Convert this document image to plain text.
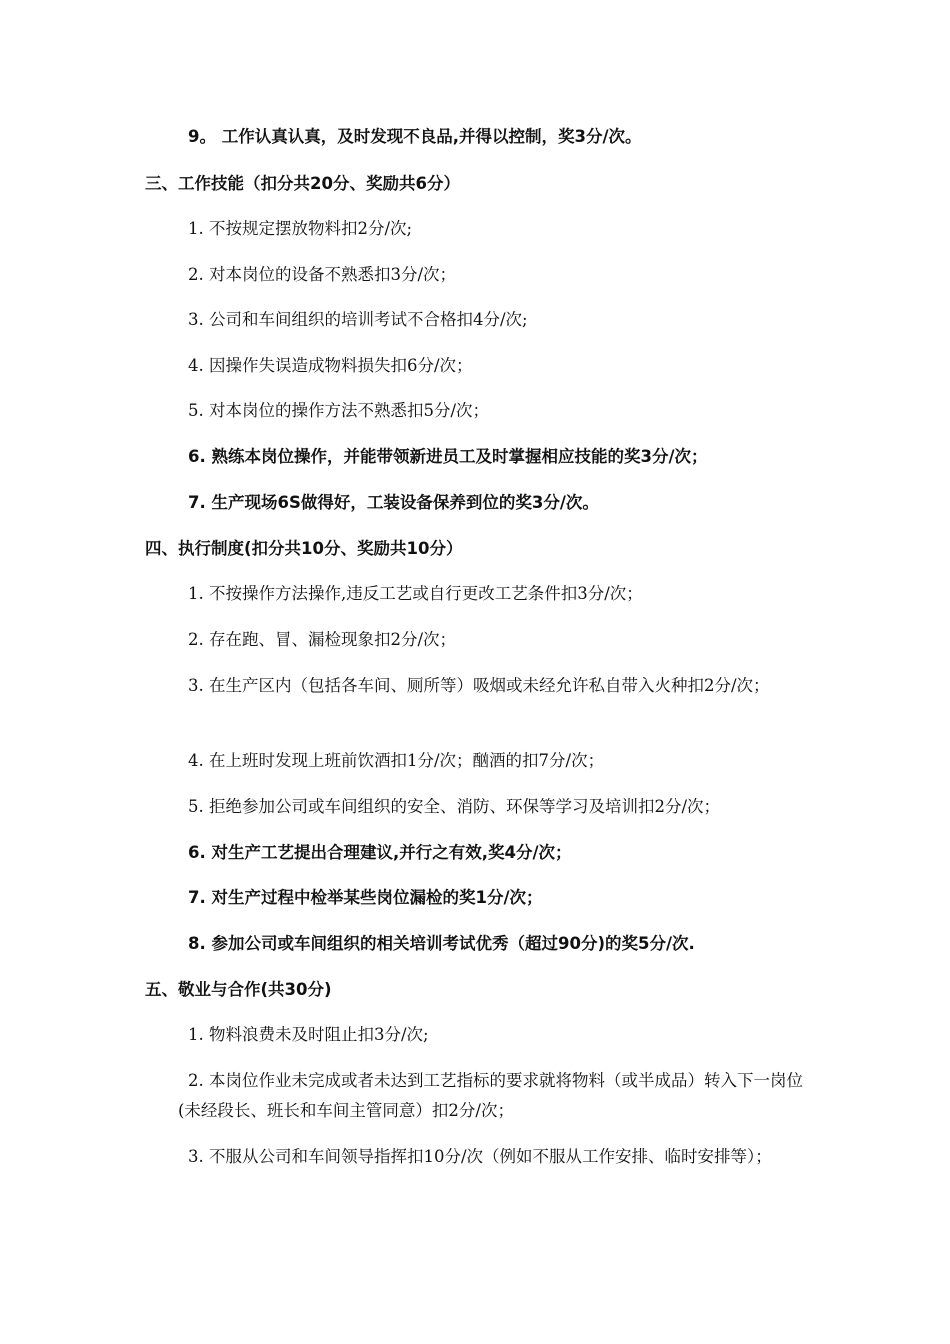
9。 工作认真认真，及时发现不良品,并得以控制，奖3分/次。
三、工作技能（扣分共20分、奖励共6分）
1. 不按规定摆放物料扣2分/次;
2. 对本岗位的设备不熟悉扣3分/次；
3. 公司和车间组织的培训考试不合格扣4分/次;
4. 因操作失误造成物料损失扣6分/次；
5. 对本岗位的操作方法不熟悉扣5分/次；
6. 熟练本岗位操作，并能带领新进员工及时掌握相应技能的奖3分/次；
7. 生产现场6S做得好，工装设备保养到位的奖3分/次。
四、执行制度(扣分共10分、奖励共10分）
1. 不按操作方法操作,违反工艺或自行更改工艺条件扣3分/次；
2. 存在跑、冒、漏检现象扣2分/次；
3. 在生产区内（包括各车间、厕所等）吸烟或未经允许私自带入火种扣2分/次；
4. 在上班时发现上班前饮酒扣1分/次；酗酒的扣7分/次；
5. 拒绝参加公司或车间组织的安全、消防、环保等学习及培训扣2分/次；
6. 对生产工艺提出合理建议,并行之有效,奖4分/次；
7. 对生产过程中检举某些岗位漏检的奖1分/次；
8. 参加公司或车间组织的相关培训考试优秀（超过90分)的奖5分/次.
五、敬业与合作(共30分)
1. 物料浪费未及时阻止扣3分/次;
2. 本岗位作业未完成或者未达到工艺指标的要求就将物料（或半成品）转入下一岗位(未经段长、班长和车间主管同意）扣2分/次；
3. 不服从公司和车间领导指挥扣10分/次（例如不服从工作安排、临时安排等）；
